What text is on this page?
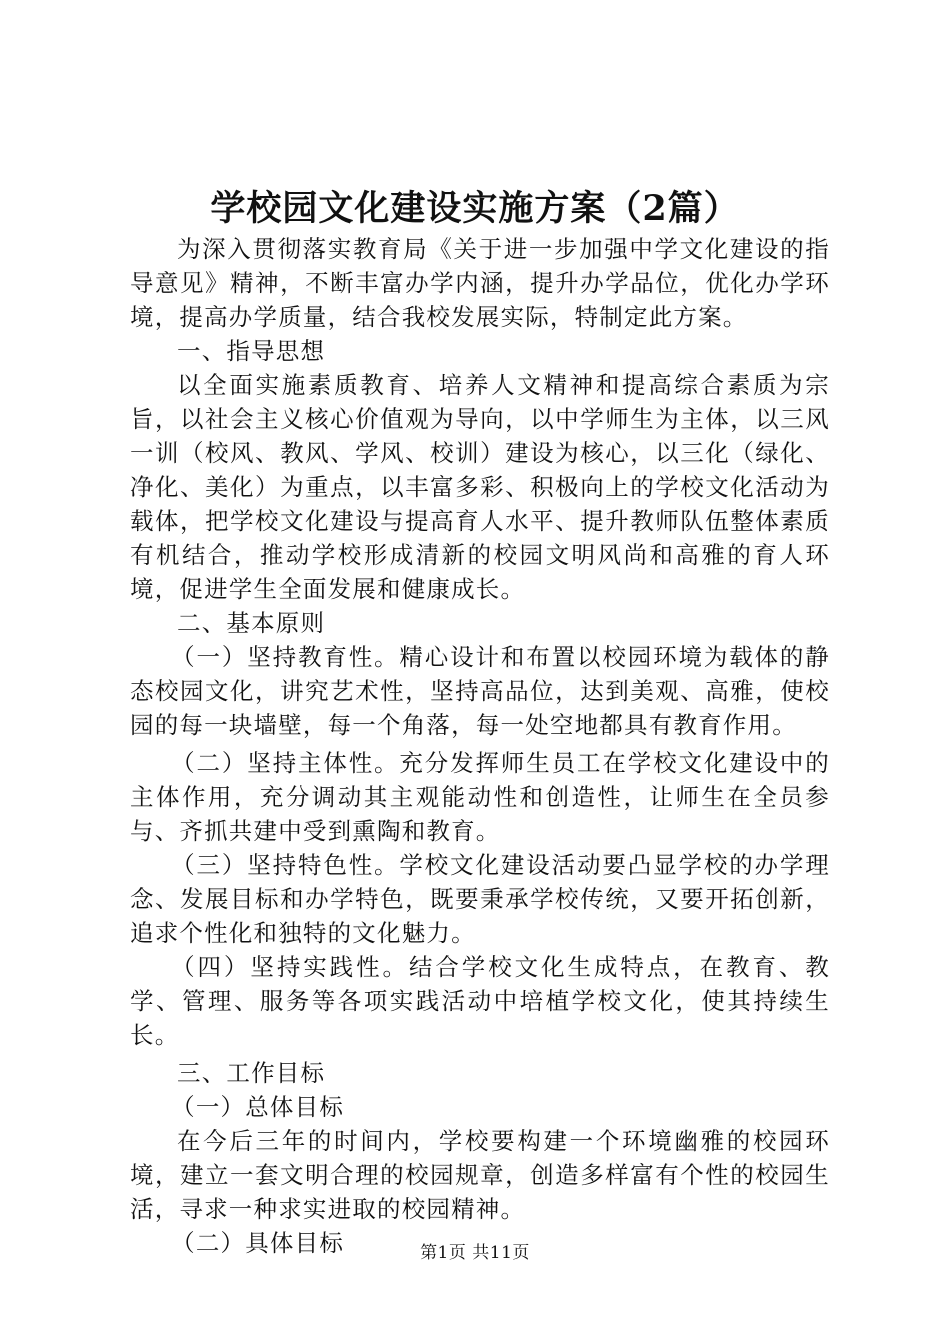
学校园文化建设实施方案（2篇）

为深入贯彻落实教育局《关于进一步加强中学文化建设的指导意见》精神，不断丰富办学内涵，提升办学品位，优化办学环境，提高办学质量，结合我校发展实际，特制定此方案。

一、指导思想

以全面实施素质教育、培养人文精神和提高综合素质为宗旨，以社会主义核心价值观为导向，以中学师生为主体，以三风一训（校风、教风、学风、校训）建设为核心，以三化（绿化、净化、美化）为重点，以丰富多彩、积极向上的学校文化活动为载体，把学校文化建设与提高育人水平、提升教师队伍整体素质有机结合，推动学校形成清新的校园文明风尚和高雅的育人环境，促进学生全面发展和健康成长。

二、基本原则

（一）坚持教育性。精心设计和布置以校园环境为载体的静态校园文化，讲究艺术性，坚持高品位，达到美观、高雅，使校园的每一块墙壁，每一个角落，每一处空地都具有教育作用。

（二）坚持主体性。充分发挥师生员工在学校文化建设中的主体作用，充分调动其主观能动性和创造性，让师生在全员参与、齐抓共建中受到熏陶和教育。

（三）坚持特色性。学校文化建设活动要凸显学校的办学理念、发展目标和办学特色，既要秉承学校传统，又要开拓创新，追求个性化和独特的文化魅力。

（四）坚持实践性。结合学校文化生成特点，在教育、教学、管理、服务等各项实践活动中培植学校文化，使其持续生长。

三、工作目标

（一）总体目标

在今后三年的时间内，学校要构建一个环境幽雅的校园环境，建立一套文明合理的校园规章，创造多样富有个性的校园生活，寻求一种求实进取的校园精神。

（二）具体目标	第1页 共11页
